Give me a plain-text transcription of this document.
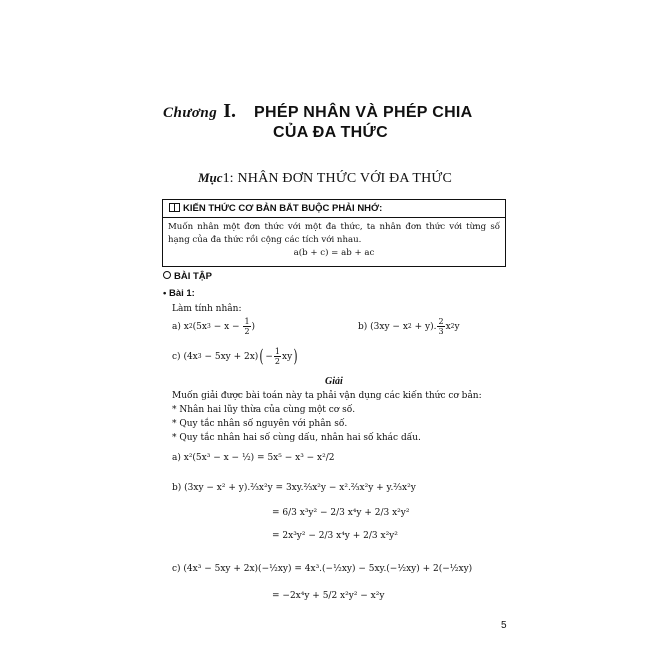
Chương I. PHÉP NHÂN VÀ PHÉP CHIA
CỦA ĐA THỨC
Mục 1: NHÂN ĐƠN THỨC VỚI ĐA THỨC
KIẾN THỨC CƠ BẢN BẮT BUỘC PHẢI NHỚ:
Muốn nhân một đơn thức với một đa thức, ta nhân đơn thức với từng số hạng của đa thức rồi cộng các tích với nhau.
a(b + c) = ab + ac
BÀI TẬP
• Bài 1:
Làm tính nhân:
a)
x 2 (5x 3 − x −
$\frac{1}{2}$ )	b)
(3xy − x 2 + y). $\frac{2}{3}$ x 2 y
c)
(4x 3 − 5xy + 2x) ( − $\frac{1}{2}$ xy )
Giải
Muốn giải được bài toán này ta phải vận dụng các kiến thức cơ bản:
* Nhân hai lũy thừa của cùng một cơ số.
* Quy tắc nhân số nguyên với phân số.
* Quy tắc nhân hai số cùng dấu, nhân hai số khác dấu.
a) x²(5x³ − x − ½) = 5x⁵ − x³ − x²/2
b) (3xy − x² + y).⅔x²y = 3xy.⅔x²y − x².⅔x²y + y.⅔x²y
= 6/3 x³y² − 2/3 x⁴y + 2/3 x²y²
= 2x³y² − 2/3 x⁴y + 2/3 x²y²
c) (4x³ − 5xy + 2x)(−½xy) = 4x³.(−½xy) − 5xy.(−½xy) + 2(−½xy)
= −2x⁴y + 5/2 x²y² − x²y
5
